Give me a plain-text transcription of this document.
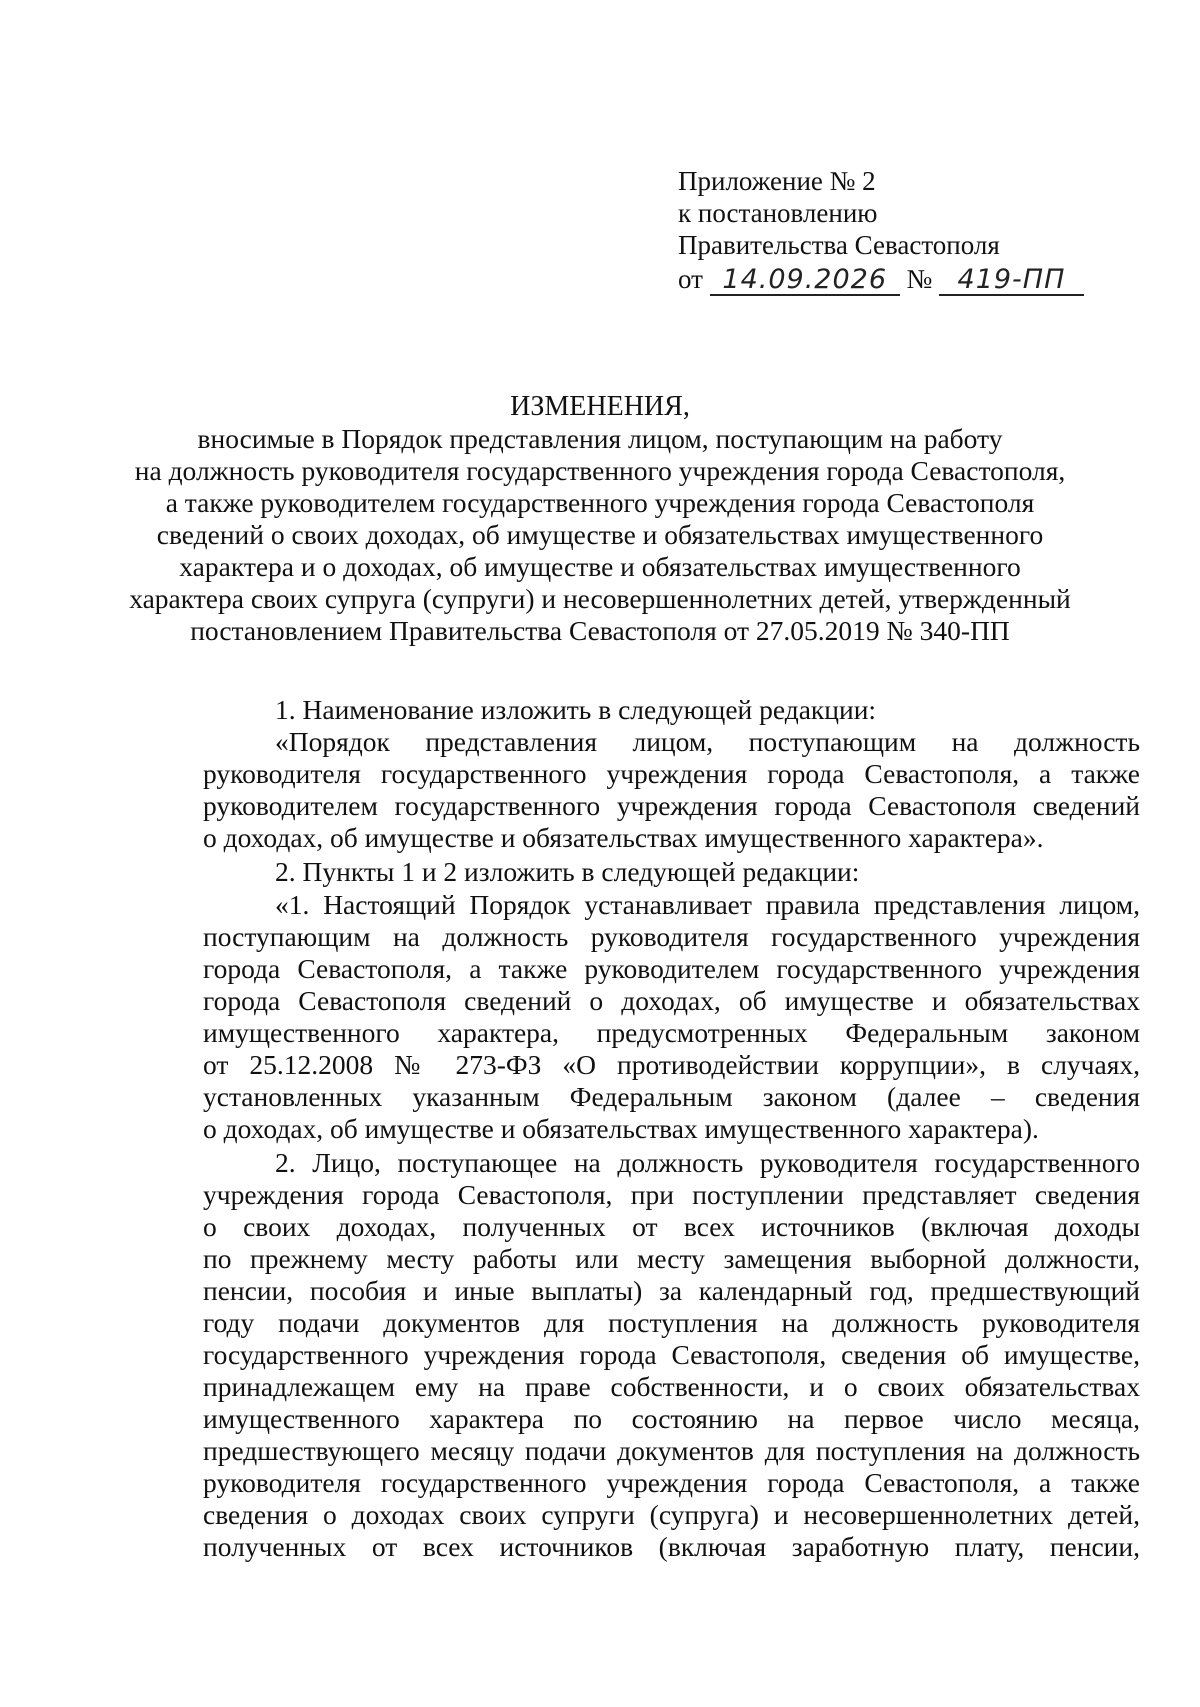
Приложение № 2
к постановлению
Правительства Севастополя
от 14.09.2026 № 419-ПП
ИЗМЕНЕНИЯ,
вносимые в Порядок представления лицом, поступающим на работу
на должность руководителя государственного учреждения города Севастополя,
а также руководителем государственного учреждения города Севастополя
сведений о своих доходах, об имуществе и обязательствах имущественного
характера и о доходах, об имуществе и обязательствах имущественного
характера своих супруга (супруги) и несовершеннолетних детей, утвержденный
постановлением Правительства Севастополя от 27.05.2019 № 340-ПП
1. Наименование изложить в следующей редакции:
«Порядок представления лицом, поступающим на должность
руководителя государственного учреждения города Севастополя, а также
руководителем государственного учреждения города Севастополя сведений
о доходах, об имуществе и обязательствах имущественного характера».
2. Пункты 1 и 2 изложить в следующей редакции:
«1. Настоящий Порядок устанавливает правила представления лицом,
поступающим на должность руководителя государственного учреждения
города Севастополя, а также руководителем государственного учреждения
города Севастополя сведений о доходах, об имуществе и обязательствах
имущественного характера, предусмотренных Федеральным законом
от 25.12.2008 № 273-ФЗ «О противодействии коррупции», в случаях,
установленных указанным Федеральным законом (далее – сведения
о доходах, об имуществе и обязательствах имущественного характера).
2. Лицо, поступающее на должность руководителя государственного
учреждения города Севастополя, при поступлении представляет сведения
о своих доходах, полученных от всех источников (включая доходы
по прежнему месту работы или месту замещения выборной должности,
пенсии, пособия и иные выплаты) за календарный год, предшествующий
году подачи документов для поступления на должность руководителя
государственного учреждения города Севастополя, сведения об имуществе,
принадлежащем ему на праве собственности, и о своих обязательствах
имущественного характера по состоянию на первое число месяца,
предшествующего месяцу подачи документов для поступления на должность
руководителя государственного учреждения города Севастополя, а также
сведения о доходах своих супруги (супруга) и несовершеннолетних детей,
полученных от всех источников (включая заработную плату, пенсии,
